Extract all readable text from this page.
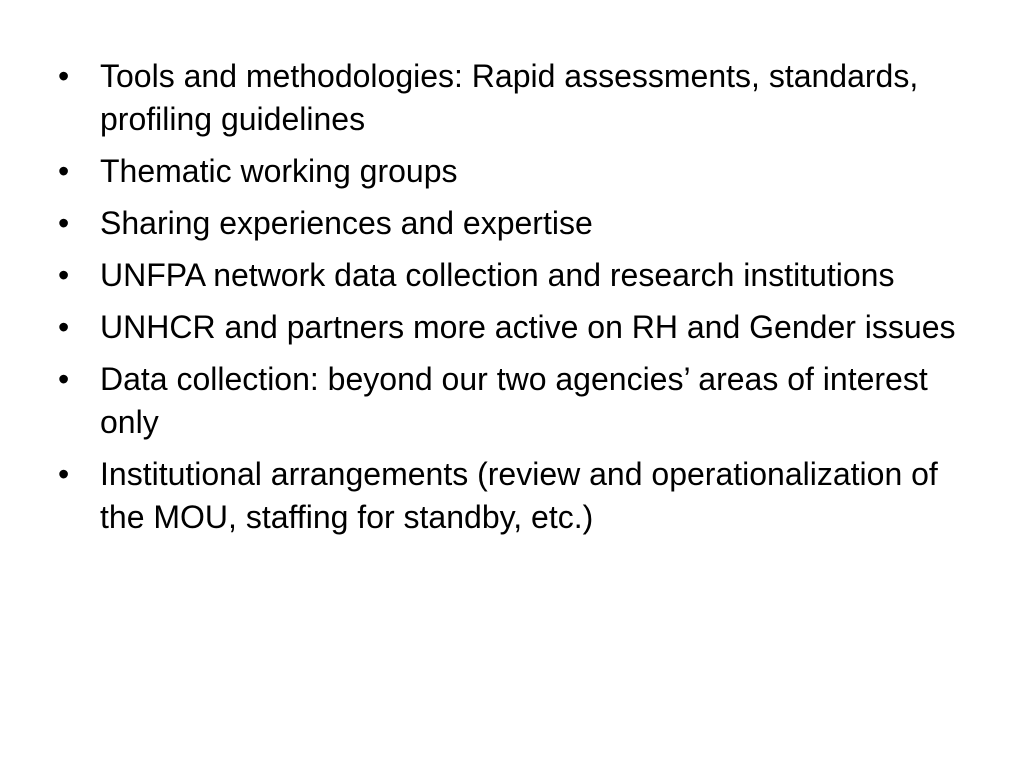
• Tools and methodologies: Rapid assessments, standards, profiling guidelines
• Thematic working groups
• Sharing experiences and expertise
• UNFPA network data collection and research institutions
• UNHCR and partners more active on RH and Gender issues
• Data collection: beyond our two agencies’ areas of interest only
• Institutional arrangements (review and operationalization of the MOU, staffing for standby, etc.)
